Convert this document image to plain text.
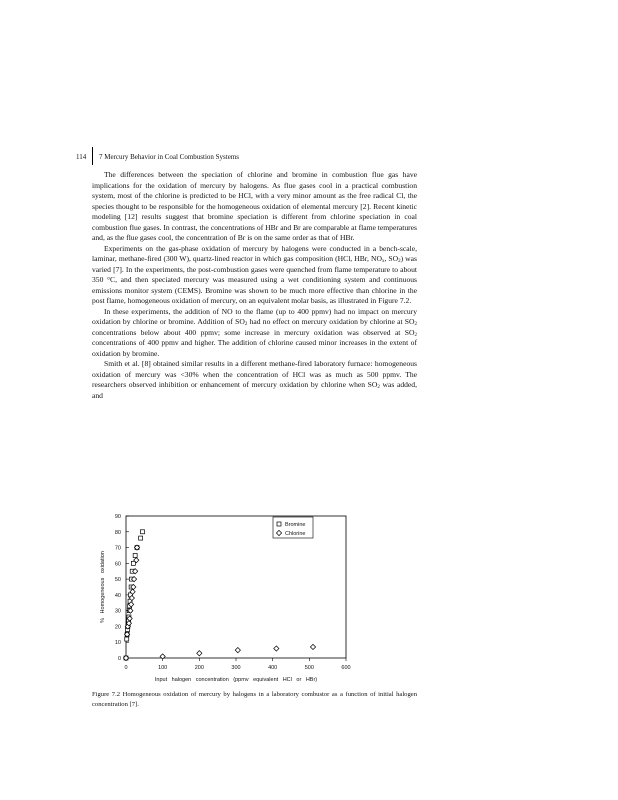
114 7 Mercury Behavior in Coal Combustion Systems

The differences between the speciation of chlorine and bromine in combustion flue gas have implications for the oxidation of mercury by halogens. As flue gases cool in a practical combustion system, most of the chlorine is predicted to be HCl, with a very minor amount as the free radical Cl, the species thought to be responsible for the homogeneous oxidation of elemental mercury [2]. Recent kinetic modeling [12] results suggest that bromine speciation is different from chlorine speciation in coal combustion flue gases. In contrast, the concentrations of HBr and Br are comparable at flame temperatures and, as the flue gases cool, the concentration of Br is on the same order as that of HBr.

Experiments on the gas-phase oxidation of mercury by halogens were conducted in a bench-scale, laminar, methane-fired (300 W), quartz-lined reactor in which gas composition (HCl, HBr, $NO_x$, $SO_2$) was varied [7]. In the experiments, the post-combustion gases were quenched from flame temperature to about 350 °C, and then speciated mercury was measured using a wet conditioning system and continuous emissions monitor system (CEMS). Bromine was shown to be much more effective than chlorine in the post flame, homogeneous oxidation of mercury, on an equivalent molar basis, as illustrated in Figure 7.2.

In these experiments, the addition of NO to the flame (up to 400 ppmv) had no impact on mercury oxidation by chlorine or bromine. Addition of $SO_2$ had no effect on mercury oxidation by chlorine at $SO_2$ concentrations below about 400 ppmv; some increase in mercury oxidation was observed at $SO_2$ concentrations of 400 ppmv and higher. The addition of chlorine caused minor increases in the extent of oxidation by bromine.

Smith et al. [8] obtained similar results in a different methane-fired laboratory furnace: homogeneous oxidation of mercury was <30% when the concentration of HCl was as much as 500 ppmv. The researchers observed inhibition or enhancement of mercury oxidation by chlorine when $SO_2$ was added, and

0
10
20
30
40
50
60
70
80
90
0	100	200	300	400	500	600
Input halogen concentration (ppmv equivalent HCl or HBr)
% Homogeneous oxidation
Bromine
Chlorine
Figure 7.2 Homogeneous oxidation of mercury by halogens in a laboratory combustor as a function of initial halogen concentration [7].
